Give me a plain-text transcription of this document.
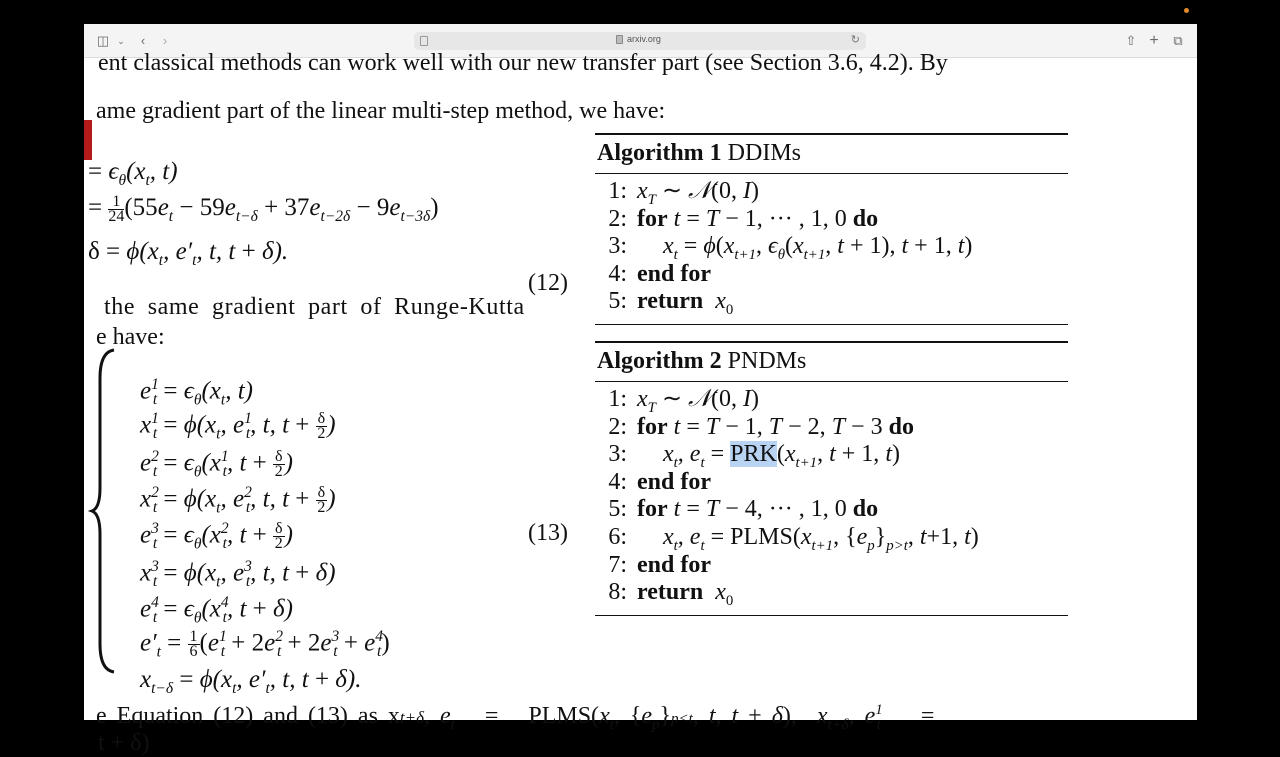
◫ ⌄	‹	›	arxiv.org	↻	⇧ +	⧉
ent classical methods can work well with our new transfer part (see Section 3.6, 4.2). By
ame gradient part of the linear multi-step method, we have:
= $\epsilon_\theta(x_t$, t)
= $\frac{1}{24} (55e_t - 59e_{t-\delta} + 37e_{t-2\delta} - 9e_{t-3\delta})$
$\delta = \phi(x_t$, $e'_t$, t, t + δ).
(12)
the same gradient part of Runge-Kutta
e have:
$e^1_t = \epsilon_\theta(x_t$, t)
$x^1_t = \phi(x_t$, $e^1_t$, t, $t + \frac{\delta}{2}$ )
$e^2_t = \epsilon_\theta(x^1_t$, $t + \frac{\delta}{2}$ )
$x^2_t = \phi(x_t$, $e^2_t$, t, $t + \frac{\delta}{2}$ )
$e^3_t = \epsilon_\theta(x^2_t$, $t + \frac{\delta}{2}$ )	(13)
$x^3_t = \phi(x_t$, $e^3_t$, t, t + δ)
$e^4_t = \epsilon_\theta(x^4_t$, t + δ)
$e'_t = \frac{1}{6} (e^1_t + 2e^2_t + 2e^3_t + e^4_t)$
$x_{t-\delta} = \phi(x_t$, $e'_t$, t, t + δ).
e Equation (12) and (13) as xt+δ, $e_t$   =   $PLMS(x_t$, $\{e_p\}p<t$, t, t + δ),  $x_{t+\delta}$, $e^1_t$    =
t + δ)
Algorithm 1 DDIMs
1: $x_T$ ∼ 𝒩(0, I)
2: for t = T − 1, ··· , 1, 0 do
3: $x_t = \phi(x_{t+1}$, $\epsilon_\theta(x_{t+1}$, t + 1), t + 1, t)
4: end for
5: return $x_0$
Algorithm 2 PNDMs
1: $x_T$ ∼ 𝒩(0, I)
2: for t = T − 1, T − 2, T − 3 do
3: $x_t$, $e_t = PRK(x_{t+1}$, t + 1, t)
4: end for
5: for t = T − 4, ··· , 1, 0 do
6: $x_t$, $e_t$ = $PLMS(x_{t+1}$, $\{e_p\}_{p>t}$, t+1, t)
7: end for
8: return $x_0$
